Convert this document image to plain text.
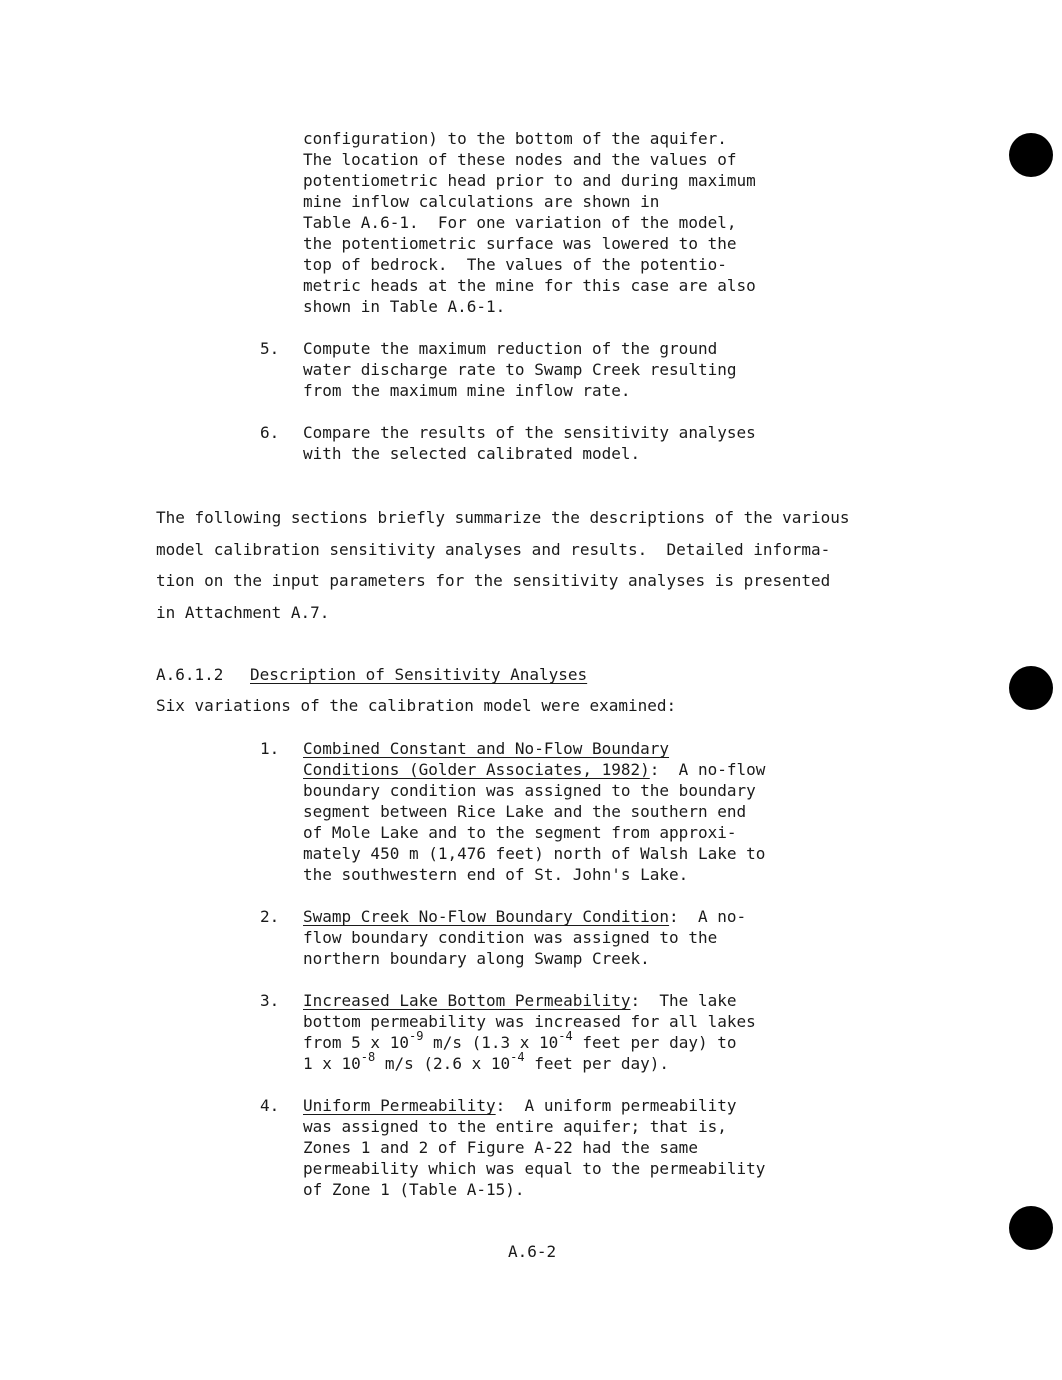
configuration) to the bottom of the aquifer.
The location of these nodes and the values of
potentiometric head prior to and during maximum
mine inflow calculations are shown in
Table A.6-1.  For one variation of the model,
the potentiometric surface was lowered to the
top of bedrock.  The values of the potentio-
metric heads at the mine for this case are also
shown in Table A.6-1.
5. Compute the maximum reduction of the ground
water discharge rate to Swamp Creek resulting
from the maximum mine inflow rate.
6. Compare the results of the sensitivity analyses
with the selected calibrated model.
The following sections briefly summarize the descriptions of the various
model calibration sensitivity analyses and results.  Detailed informa-
tion on the input parameters for the sensitivity analyses is presented
in Attachment A.7.
A.6.1.2 Description of Sensitivity Analyses
Six variations of the calibration model were examined:
1. Combined Constant and No-Flow Boundary
Conditions (Golder Associates, 1982):  A no-flow
boundary condition was assigned to the boundary
segment between Rice Lake and the southern end
of Mole Lake and to the segment from approxi-
mately 450 m (1,476 feet) north of Walsh Lake to
the southwestern end of St. John's Lake.
2. Swamp Creek No-Flow Boundary Condition:  A no-
flow boundary condition was assigned to the
northern boundary along Swamp Creek.
3. Increased Lake Bottom Permeability:  The lake
bottom permeability was increased for all lakes
from 5 x $10^{-9}$ m/s (1.3 x $10^{-4}$ feet per day) to
1 x $10^{-8}$ m/s (2.6 x $10^{-4}$ feet per day).
4. Uniform Permeability:  A uniform permeability
was assigned to the entire aquifer; that is,
Zones 1 and 2 of Figure A-22 had the same
permeability which was equal to the permeability
of Zone 1 (Table A-15).
A.6-2
